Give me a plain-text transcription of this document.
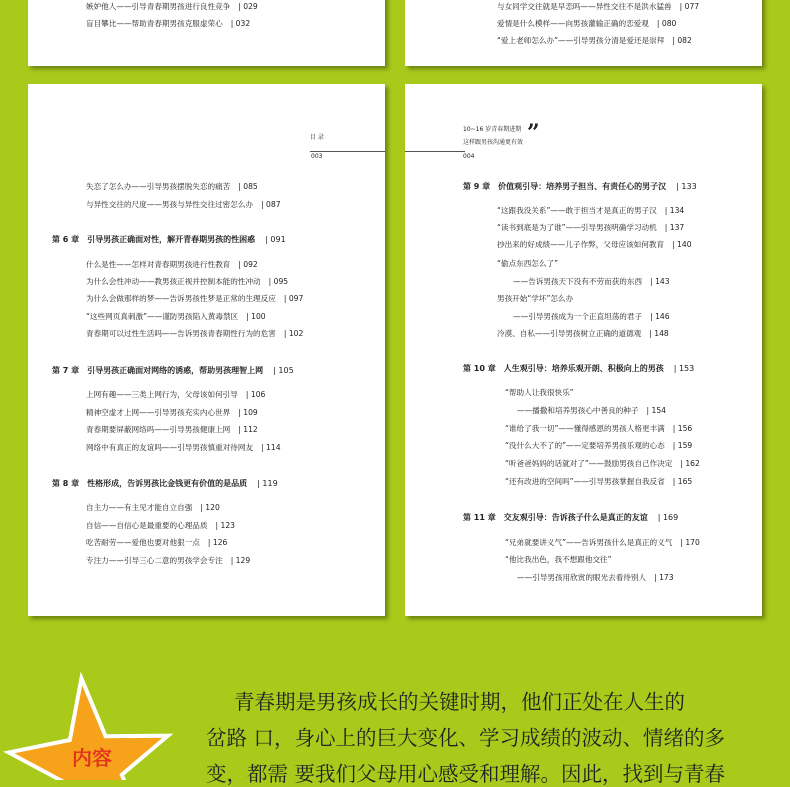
嫉妒他人——引导青春期男孩进行良性竞争 | 029
盲目攀比——帮助青春期男孩克服虚荣心 | 032
与女同学交往就是早恋吗——异性交往不是洪水猛兽 | 077
爱情是什么模样——向男孩灌输正确的恋爱观 | 080
“爱上老师怎么办”——引导男孩分清是爱还是崇拜 | 082
目 录
003
失恋了怎么办——引导男孩摆脱失恋的痛苦 | 085
与异性交往的尺度——男孩与异性交往过密怎么办 | 087
第 6 章　引导男孩正确面对性，解开青春期男孩的性困惑 | 091
什么是性——怎样对青春期男孩进行性教育 | 092
为什么会性冲动——教男孩正视并控制本能的性冲动 | 095
为什么会做那样的梦——告诉男孩性梦是正常的生理反应 | 097
“这些网页真刺激”——谨防男孩陷入黄毒禁区 | 100
青春期可以过性生活吗——告诉男孩青春期性行为的危害 | 102
第 7 章　引导男孩正确面对网络的诱惑，帮助男孩理智上网 | 105
上网有趣——三类上网行为，父母该如何引导 | 106
精神空虚才上网——引导男孩充实内心世界 | 109
青春期要屏蔽网络吗——引导男孩健康上网 | 112
网络中有真正的友谊吗——引导男孩慎重对待网友 | 114
第 8 章　性格形成，告诉男孩比金钱更有价值的是品质 | 119
自主力——有主见才能自立自强 | 120
自信——自信心是最重要的心理品质 | 123
吃苦耐劳——爱他也要对他狠一点 | 126
专注力——引导三心二意的男孩学会专注 | 129
10~16 岁青春期进期
这样跟男孩沟通更有效 ”
004
第 9 章　价值观引导：培养男子担当、有责任心的男子汉 | 133
“这跟我没关系”——敢于担当才是真正的男子汉 | 134
“读书到底是为了谁”——引导男孩明确学习动机 | 137
抄出来的好成绩——儿子作弊，父母应该如何教育 | 140
“偷点东西怎么了”
——告诉男孩天下没有不劳而获的东西 | 143
男孩开始“学坏”怎么办
——引导男孩成为一个正直坦荡的君子 | 146
冷漠、自私——引导男孩树立正确的道德观 | 148
第 10 章　人生观引导：培养乐观开朗、积极向上的男孩 | 153
“帮助人让我很快乐”
——播撒和培养男孩心中善良的种子 | 154
“谁给了我一切”——懂得感恩的男孩人格更丰满 | 156
“没什么大不了的”——定要培养男孩乐观的心态 | 159
“听爸爸妈妈的话就对了”——鼓励男孩自己作决定 | 162
“还有改进的空间吗”——引导男孩掌握自我反省 | 165
第 11 章　交友观引导：告诉孩子什么是真正的友谊 | 169
“兄弟就要讲义气”——告诉男孩什么是真正的义气 | 170
“他比我出色，我不想跟他交往”
——引导男孩用欣赏的眼光去看待别人 | 173
内容
青春期是男孩成长的关键时期，他们正处在人生的
岔路 口，身心上的巨大变化、学习成绩的波动、情绪的多
变，都需 要我们父母用心感受和理解。因此，找到与青春
